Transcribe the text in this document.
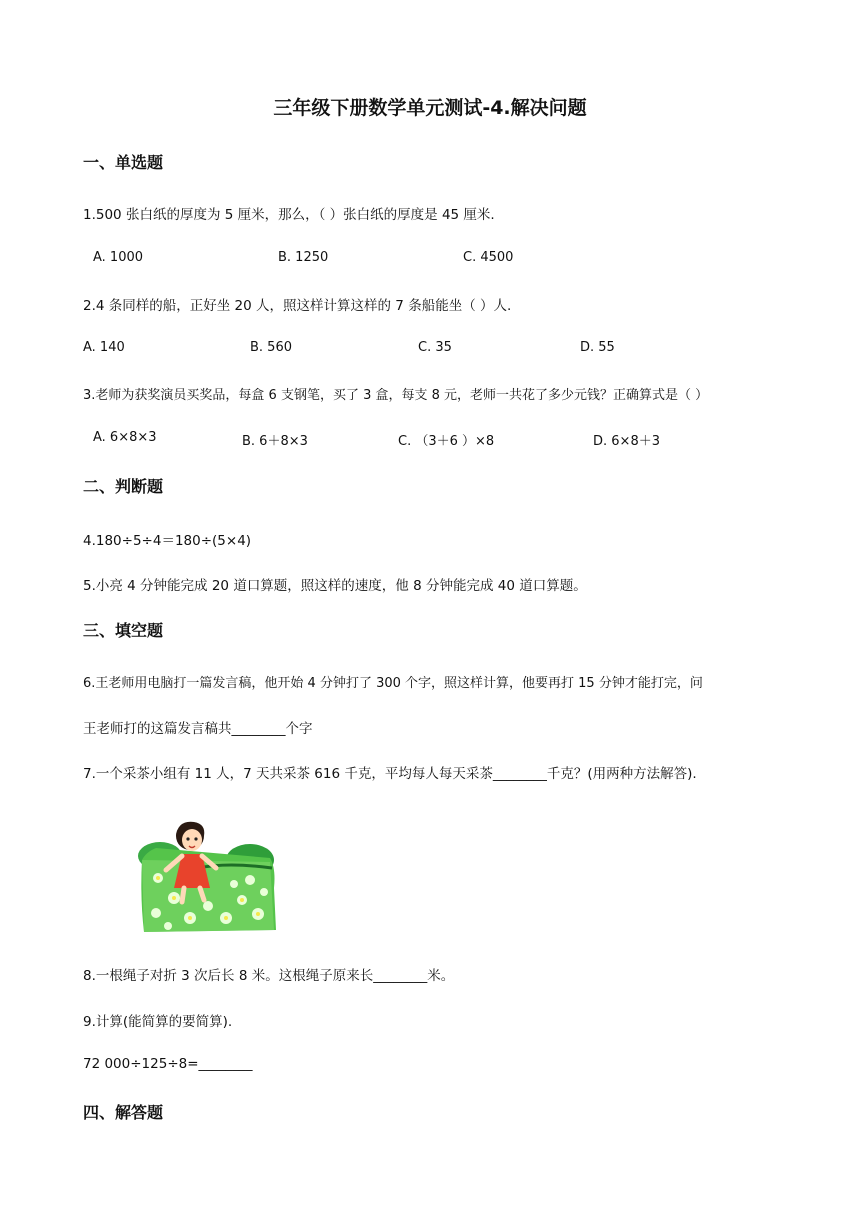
三年级下册数学单元测试-4.解决问题
一、单选题
1.500 张白纸的厚度为 5 厘米，那么，（ ）张白纸的厚度是 45 厘米.
A. 1000	B. 1250	C. 4500
2.4 条同样的船，正好坐 20 人，照这样计算这样的 7 条船能坐（ ）人.
A. 140	B. 560	C. 35	D. 55
3.老师为获奖演员买奖品，每盒 6 支钢笔，买了 3 盒，每支 8 元，老师一共花了多少元钱？正确算式是（ ）
A. 6×8×3	B. 6＋8×3	C. （3＋6 ）×8	D. 6×8＋3
二、判断题
4.180÷5÷4＝180÷(5×4)
5.小亮 4 分钟能完成 20 道口算题，照这样的速度，他 8 分钟能完成 40 道口算题。
三、填空题
6.王老师用电脑打一篇发言稿，他开始 4 分钟打了 300 个字，照这样计算，他要再打 15 分钟才能打完，问
王老师打的这篇发言稿共________个字
7.一个采茶小组有 11 人，7 天共采茶 616 千克，平均每人每天采茶________千克？(用两种方法解答).
8.一根绳子对折 3 次后长 8 米。这根绳子原来长________米。
9.计算(能简算的要简算).
72 000÷125÷8=________
四、解答题
